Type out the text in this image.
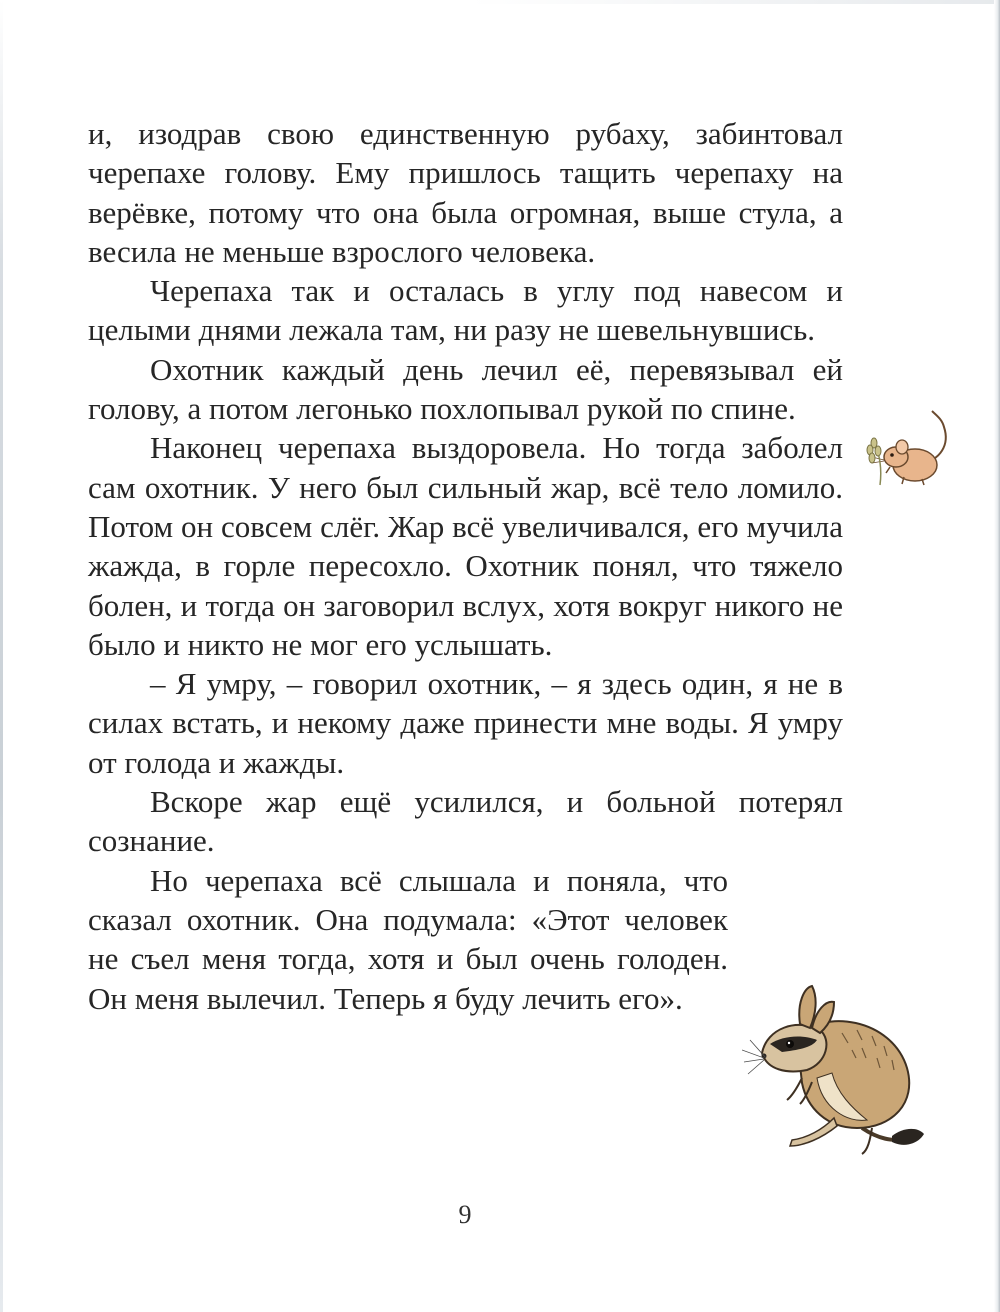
и, изодрав свою единственную рубаху, забинтовал черепахе голову. Ему пришлось тащить черепаху на верёвке, потому что она была огромная, выше стула, а весила не меньше взрослого человека.

Черепаха так и осталась в углу под навесом и целыми днями лежала там, ни разу не шевельнувшись.

Охотник каждый день лечил её, перевязывал ей голову, а потом легонько похлопывал рукой по спине.

Наконец черепаха выздоровела. Но тогда заболел сам охотник. У него был сильный жар, всё тело ломило. Потом он совсем слёг. Жар всё увеличивался, его мучила жажда, в горле пересохло. Охотник понял, что тяжело болен, и тогда он заговорил вслух, хотя вокруг никого не было и никто не мог его услышать.

– Я умру, – говорил охотник, – я здесь один, я не в силах встать, и некому даже принести мне воды. Я умру от голода и жажды.

Вскоре жар ещё усилился, и больной потерял сознание.

Но черепаха всё слышала и поняла, что сказал охотник. Она подумала: «Этот человек не съел меня тогда, хотя и был очень голоден. Он меня вылечил. Теперь я буду лечить его».

9
